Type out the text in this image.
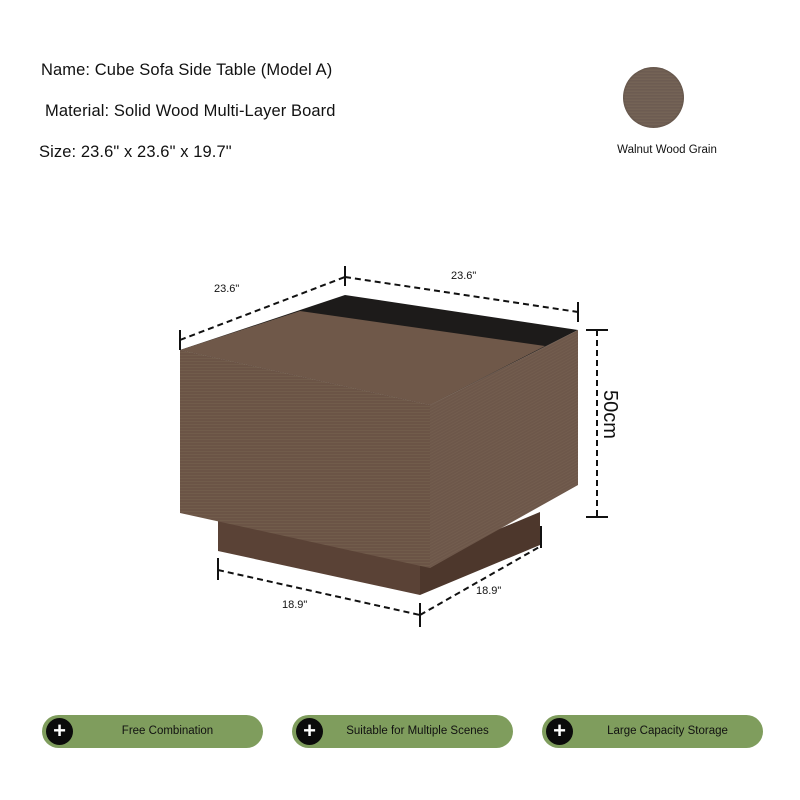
Name: Cube Sofa Side Table (Model A)
Material: Solid Wood Multi-Layer Board
Size: 23.6" x 23.6" x 19.7"	Walnut Wood Grain
23.6"
23.6"
50cm
18.9"
18.9"
+	Free Combination	+	Suitable for Multiple Scenes	+	Large Capacity Storage
